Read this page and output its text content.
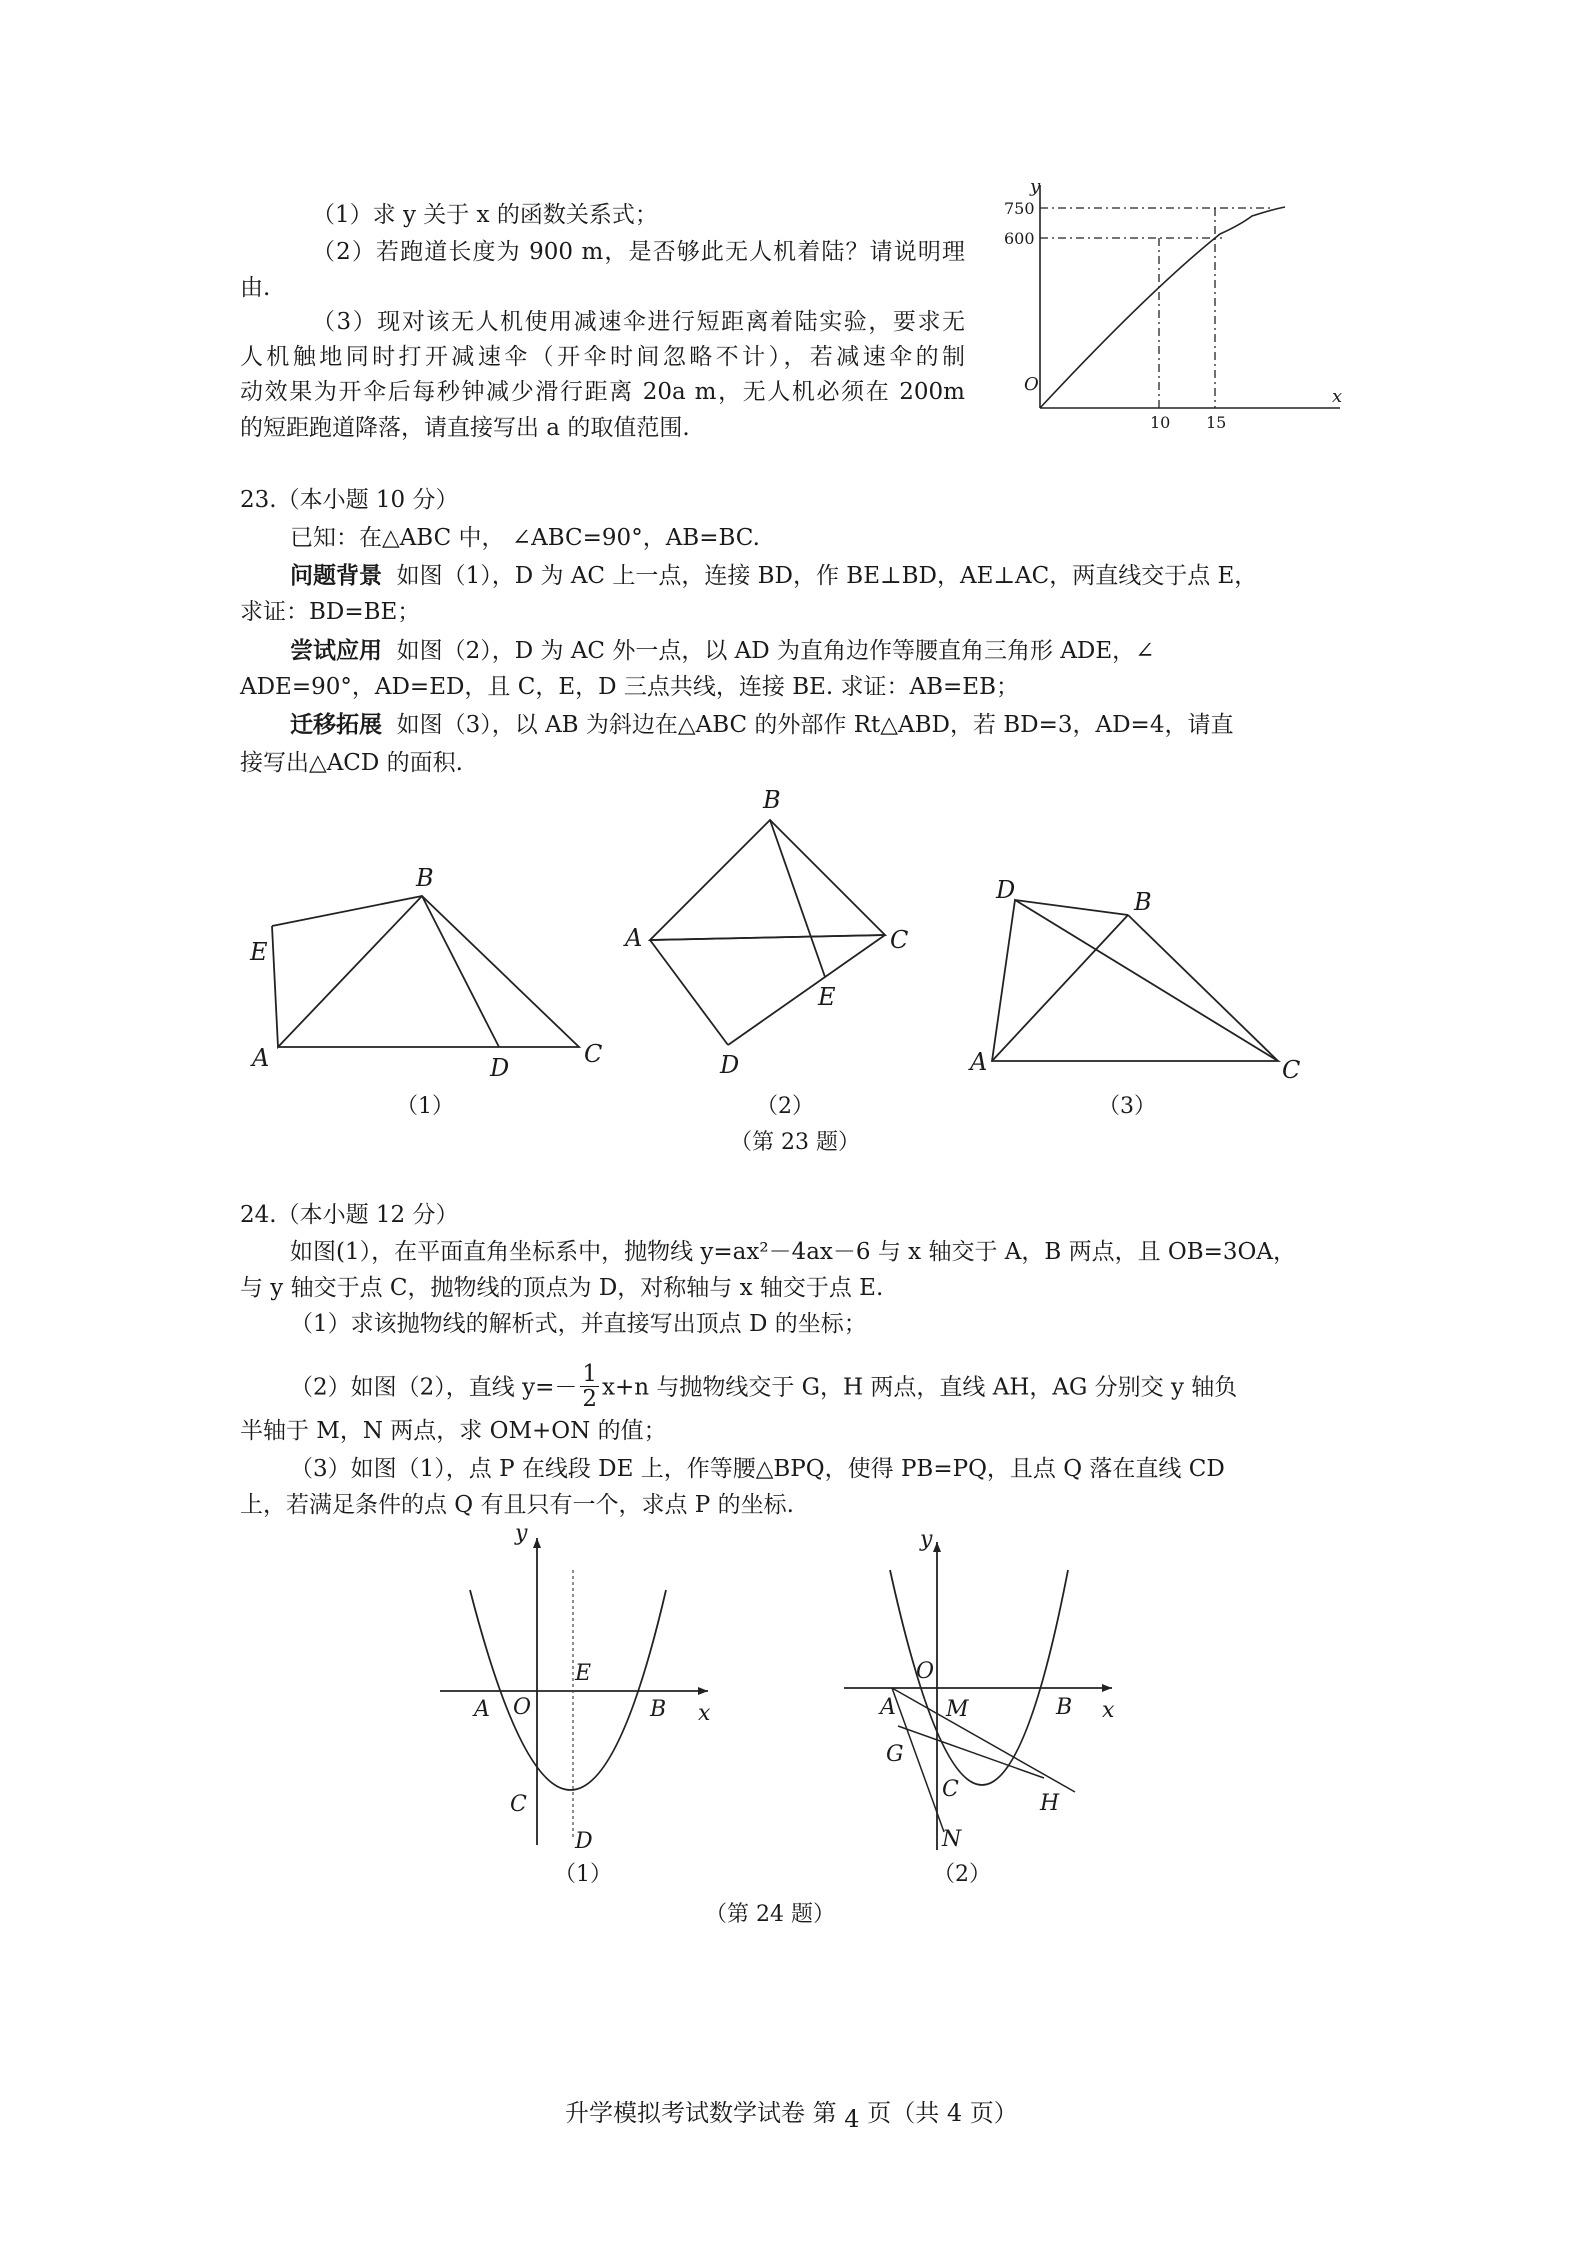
（1）求 y 关于 x 的函数关系式；
（2）若跑道长度为 900 m，是否够此无人机着陆？请说明理
由.
（3）现对该无人机使用减速伞进行短距离着陆实验，要求无
人机触地同时打开减速伞（开伞时间忽略不计），若减速伞的制
动效果为开伞后每秒钟减少滑行距离 20a m，无人机必须在 200m
的短距跑道降落，请直接写出 a 的取值范围.
y
x
O
750
600
10 15
23.（本小题 10 分）
已知：在△ABC 中， ∠ABC=90°，AB=BC.
问题背景 如图（1），D 为 AC 上一点，连接 BD，作 BE⊥BD，AE⊥AC，两直线交于点 E，
求证：BD=BE；
尝试应用 如图（2），D 为 AC 外一点，以 AD 为直角边作等腰直角三角形 ADE，∠
ADE=90°，AD=ED，且 C，E，D 三点共线，连接 BE. 求证：AB=EB；
迁移拓展 如图（3），以 AB 为斜边在△ABC 的外部作 Rt△ABD，若 BD=3，AD=4，请直
接写出△ACD 的面积.
E
A
B
D	C
（1）
B
A	C
E
D
（2）
D	B
A	C
（3）
（第 23 题）
24.（本小题 12 分）
如图(1），在平面直角坐标系中，抛物线 y=ax²－4ax－6 与 x 轴交于 A，B 两点，且 OB=3OA，
与 y 轴交于点 C，抛物线的顶点为 D，对称轴与 x 轴交于点 E.
（1）求该抛物线的解析式，并直接写出顶点 D 的坐标；
（2）如图（2），直线 $y=- \frac{1}{2} x+n$ 与抛物线交于 G，H 两点，直线 AH，AG 分别交 y 轴负
半轴于 M，N 两点，求 OM+ON 的值；
（3）如图（1），点 P 在线段 DE 上，作等腰△BPQ，使得 PB=PQ，且点 Q 落在直线 CD
上，若满足条件的点 Q 有且只有一个，求点 P 的坐标.
y
x
A O
E
B
C
D
（1）
y
x
O
A M	B
G
C
H
N
（2）
（第 24 题）
升学模拟考试数学试卷 第 4 页（共 4 页）
